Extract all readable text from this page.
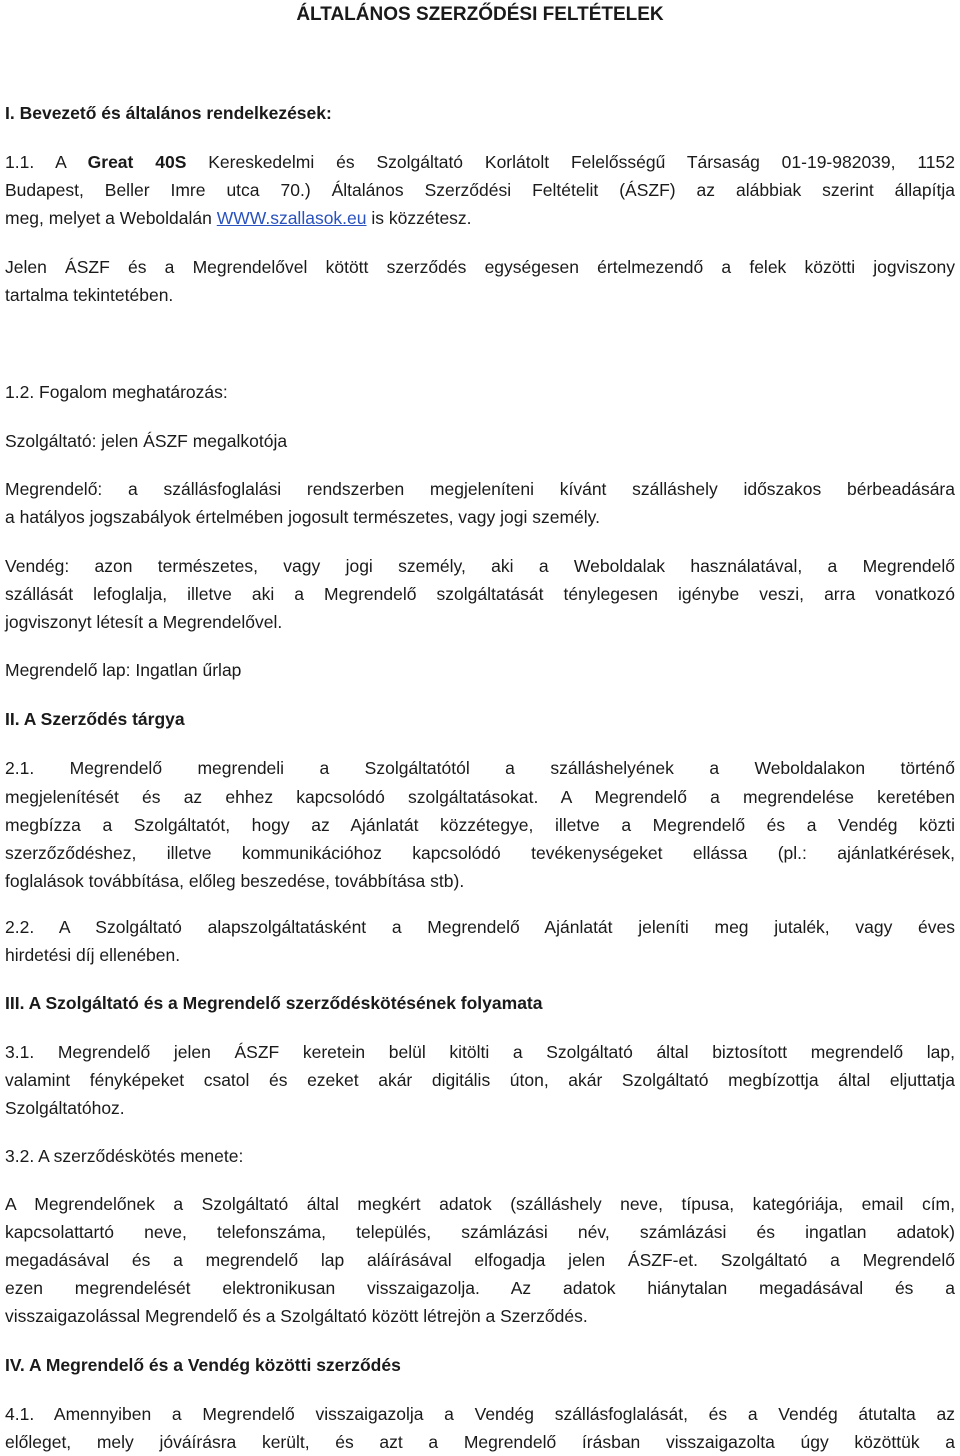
ÁLTALÁNOS SZERZŐDÉSI FELTÉTELEK
I. Bevezető és általános rendelkezések:
1.1. A Great 40S Kereskedelmi és Szolgáltató Korlátolt Felelősségű Társaság 01-19-982039, 1152
Budapest, Beller Imre utca 70.) Általános Szerződési Feltételit (ÁSZF) az alábbiak szerint állapítja
meg, melyet a Weboldalán WWW.szallasok.eu is közzétesz.
Jelen ÁSZF és a Megrendelővel kötött szerződés egységesen értelmezendő a felek közötti jogviszony
tartalma tekintetében.
1.2. Fogalom meghatározás:
Szolgáltató: jelen ÁSZF megalkotója
Megrendelő: a szállásfoglalási rendszerben megjeleníteni kívánt szálláshely időszakos bérbeadására
a hatályos jogszabályok értelmében jogosult természetes, vagy jogi személy.
Vendég: azon természetes, vagy jogi személy, aki a Weboldalak használatával, a Megrendelő
szállását lefoglalja, illetve aki a Megrendelő szolgáltatását ténylegesen igénybe veszi, arra vonatkozó
jogviszonyt létesít a Megrendelővel.
Megrendelő lap: Ingatlan űrlap
II. A Szerződés tárgya
2.1. Megrendelő megrendeli a Szolgáltatótól a szálláshelyének a Weboldalakon történő
megjelenítését és az ehhez kapcsolódó szolgáltatásokat. A Megrendelő a megrendelése keretében
megbízza a Szolgáltatót, hogy az Ajánlatát közzétegye, illetve a Megrendelő és a Vendég közti
szerzőződéshez, illetve kommunikációhoz kapcsolódó tevékenységeket ellássa (pl.: ajánlatkérések,
foglalások továbbítása, előleg beszedése, továbbítása stb).
2.2. A Szolgáltató alapszolgáltatásként a Megrendelő Ajánlatát jeleníti meg jutalék, vagy éves
hirdetési díj ellenében.
III. A Szolgáltató és a Megrendelő szerződéskötésének folyamata
3.1. Megrendelő jelen ÁSZF keretein belül kitölti a Szolgáltató által biztosított megrendelő lap,
valamint fényképeket csatol és ezeket akár digitális úton, akár Szolgáltató megbízottja által eljuttatja
Szolgáltatóhoz.
3.2. A szerződéskötés menete:
A Megrendelőnek a Szolgáltató által megkért adatok (szálláshely neve, típusa, kategóriája, email cím,
kapcsolattartó neve, telefonszáma, település, számlázási név, számlázási és ingatlan adatok)
megadásával és a megrendelő lap aláírásával elfogadja jelen ÁSZF-et. Szolgáltató a Megrendelő
ezen megrendelését elektronikusan visszaigazolja. Az adatok hiánytalan megadásával és a
visszaigazolással Megrendelő és a Szolgáltató között létrejön a Szerződés.
IV. A Megrendelő és a Vendég közötti szerződés
4.1. Amennyiben a Megrendelő visszaigazolja a Vendég szállásfoglalását, és a Vendég átutalta az
előleget, mely jóváírásra került, és azt a Megrendelő írásban visszaigazolta úgy közöttük a
